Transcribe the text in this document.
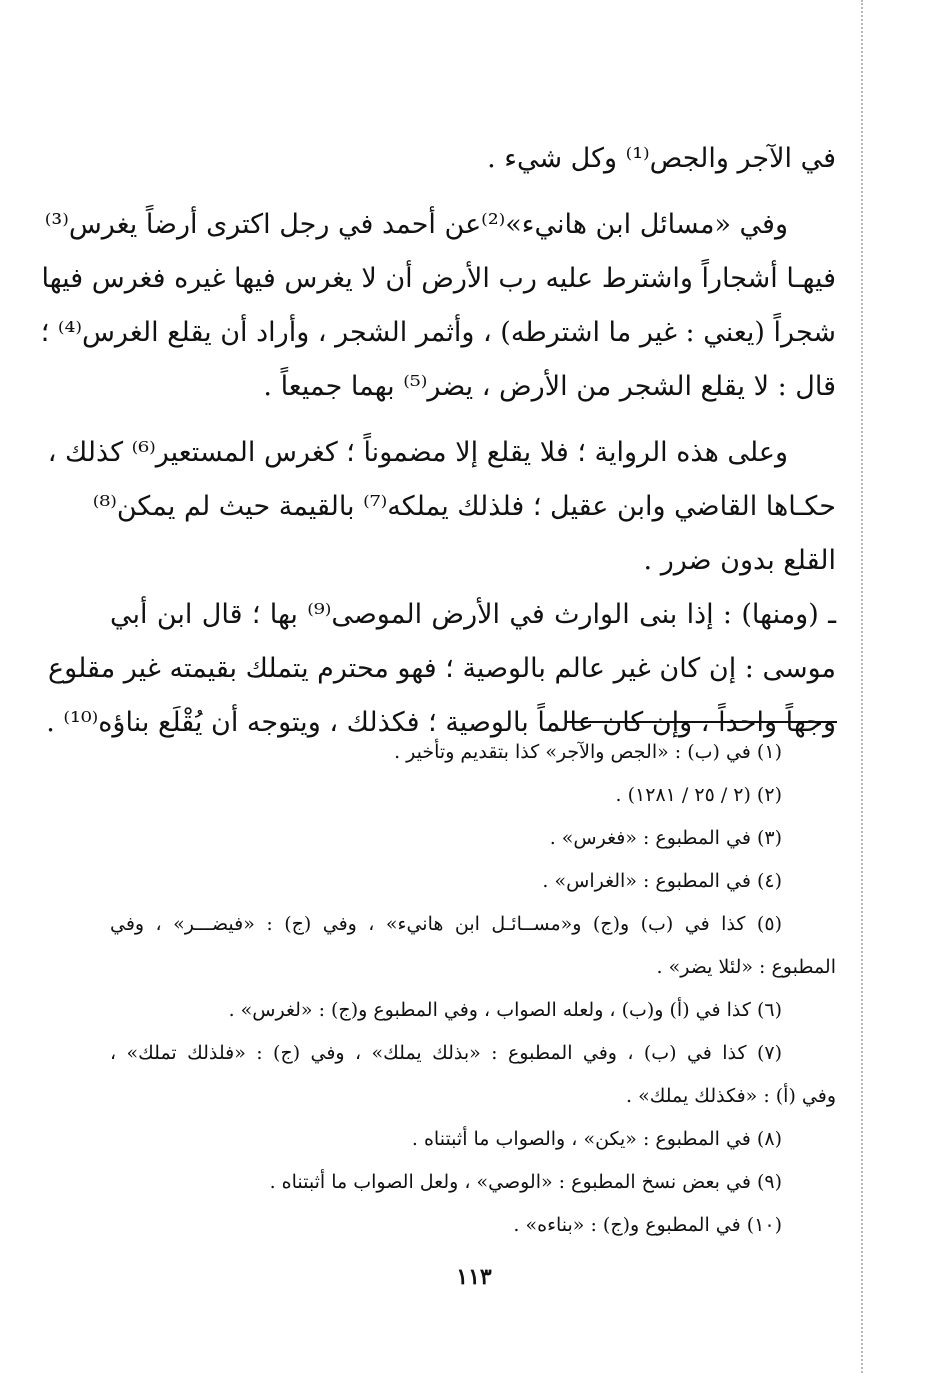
في الآجر والجص⁽¹⁾ وكل شيء .
وفي «مسائل ابن هانيء»⁽²⁾عن أحمد في رجل اكترى أرضاً يغرس⁽³⁾
فيهـا أشجاراً واشترط عليه رب الأرض أن لا يغرس فيها غيره فغرس فيها
شجراً (يعني : غير ما اشترطه) ، وأثمر الشجر ، وأراد أن يقلع الغرس⁽⁴⁾ ؛
قال : لا يقلع الشجر من الأرض ، يضر⁽⁵⁾ بهما جميعاً .
وعلى هذه الرواية ؛ فلا يقلع إلا مضموناً ؛ كغرس المستعير⁽⁶⁾ كذلك ،
حكـاها القاضي وابن عقيل ؛ فلذلك يملكه⁽⁷⁾ بالقيمة حيث لم يمكن⁽⁸⁾
القلع بدون ضرر .
ـ (ومنها) : إذا بنى الوارث في الأرض الموصى⁽⁹⁾ بها ؛ قال ابن أبي
موسى : إن كان غير عالم بالوصية ؛ فهو محترم يتملك بقيمته غير مقلوع
وجهاً واحداً ، وإن كان عالماً بالوصية ؛ فكذلك ، ويتوجه أن يُقْلَع بناؤه⁽¹⁰⁾ .
(١) في (ب) : «الجص والآجر» كذا بتقديم وتأخير .
(٢) (٢ / ٢٥ / ١٢٨١) .
(٣) في المطبوع : «فغرس» .
(٤) في المطبوع : «الغراس» .
(٥) كذا في (ب) و(ج) و«مســائـل ابن هانيء» ، وفي (ج) : «فيضـــر» ، وفي
المطبوع : «لئلا يضر» .
(٦) كذا في (أ) و(ب) ، ولعله الصواب ، وفي المطبوع و(ج) : «لغرس» .
(٧) كذا في (ب) ، وفي المطبوع : «بذلك يملك» ، وفي (ج) : «فلذلك تملك» ،
وفي (أ) : «فكذلك يملك» .
(٨) في المطبوع : «يكن» ، والصواب ما أثبتناه .
(٩) في بعض نسخ المطبوع : «الوصي» ، ولعل الصواب ما أثبتناه .
(١٠) في المطبوع و(ج) : «بناءه» .
١١٣
